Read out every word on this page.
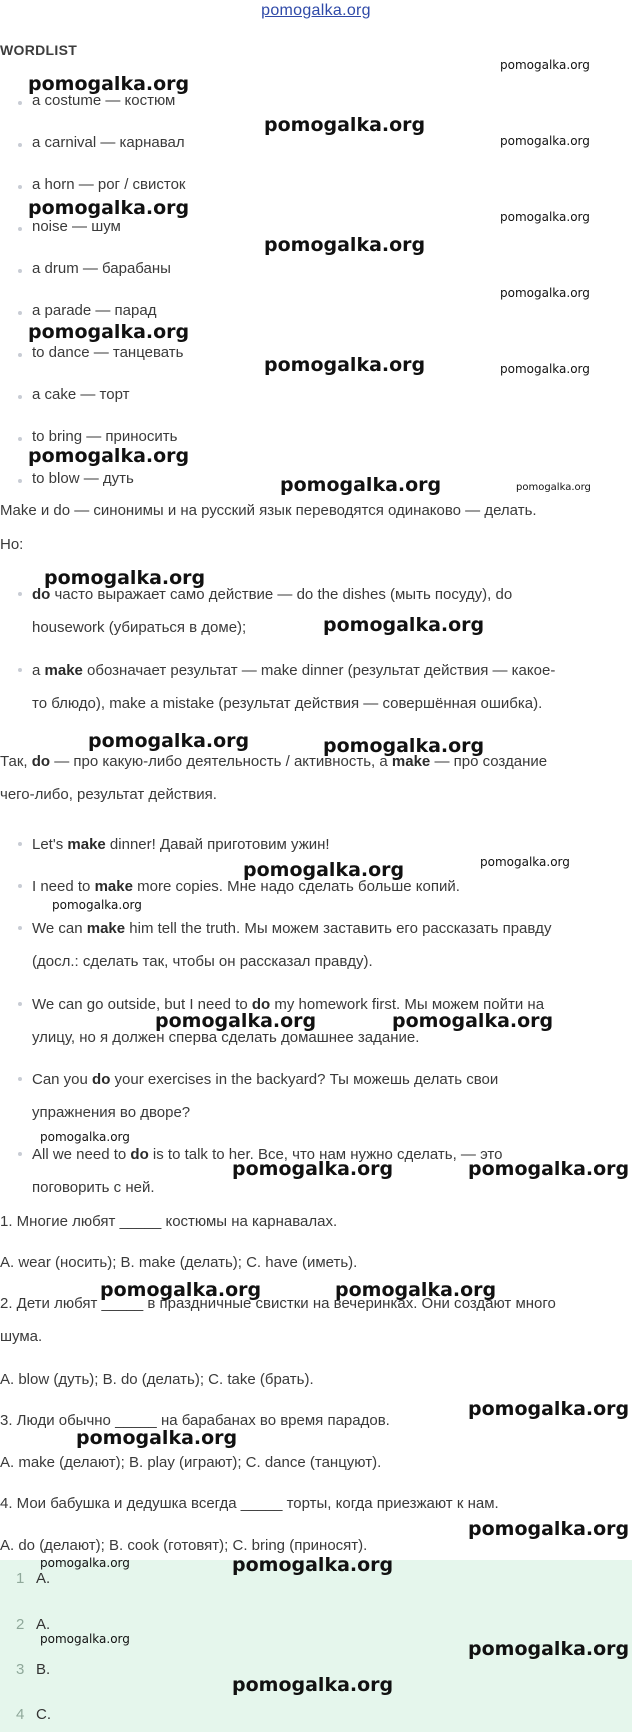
pomogalka.org
WORDLIST
a costume — костюм
a carnival — карнавал
a horn — рог / свисток
noise — шум
a drum — барабаны
a parade — парад
to dance — танцевать
a cake — торт
to bring — приносить
to blow — дуть
Make и do — синонимы и на русский язык переводятся одинаково — делать.
Но:
do часто выражает само действие — do the dishes (мыть посуду), do
housework (убираться в доме);
а make обозначает результат — make dinner (результат действия — какое-
то блюдо), make a mistake (результат действия — совершённая ошибка).
Так, do — про какую-либо деятельность / активность, а make — про создание
чего-либо, результат действия.
Let's make dinner! Давай приготовим ужин!
I need to make more copies. Мне надо сделать больше копий.
We can make him tell the truth. Мы можем заставить его рассказать правду
(досл.: сделать так, чтобы он рассказал правду).
We can go outside, but I need to do my homework first. Мы можем пойти на
улицу, но я должен сперва сделать домашнее задание.
Can you do your exercises in the backyard? Ты можешь делать свои
упражнения во дворе?
All we need to do is to talk to her. Все, что нам нужно сделать, — это
поговорить с ней.
1. Многие любят _____ костюмы на карнавалах.
A. wear (носить); B. make (делать); C. have (иметь).
2. Дети любят _____ в праздничные свистки на вечеринках. Они создают много
шума.
A. blow (дуть); B. do (делать); C. take (брать).
3. Люди обычно _____ на барабанах во время парадов.
A. make (делают); B. play (играют); C. dance (танцуют).
4. Мои бабушка и дедушка всегда _____ торты, когда приезжают к нам.
A. do (делают); B. cook (готовят); C. bring (приносят).
1 A.
2 A.
3 B.
4 C.
pomogalka.org
pomogalka.org
pomogalka.org
pomogalka.org
pomogalka.org	pomogalka.org
pomogalka.org
pomogalka.org
pomogalka.org
pomogalka.org	pomogalka.org
pomogalka.org
pomogalka.org	pomogalka.org
pomogalka.org
pomogalka.org
pomogalka.org	pomogalka.org
pomogalka.org	pomogalka.org
pomogalka.org
pomogalka.org	pomogalka.org
pomogalka.org
pomogalka.org	pomogalka.org
pomogalka.org	pomogalka.org
pomogalka.org
pomogalka.org
pomogalka.org
pomogalka.org	pomogalka.org
pomogalka.org	pomogalka.org
pomogalka.org
